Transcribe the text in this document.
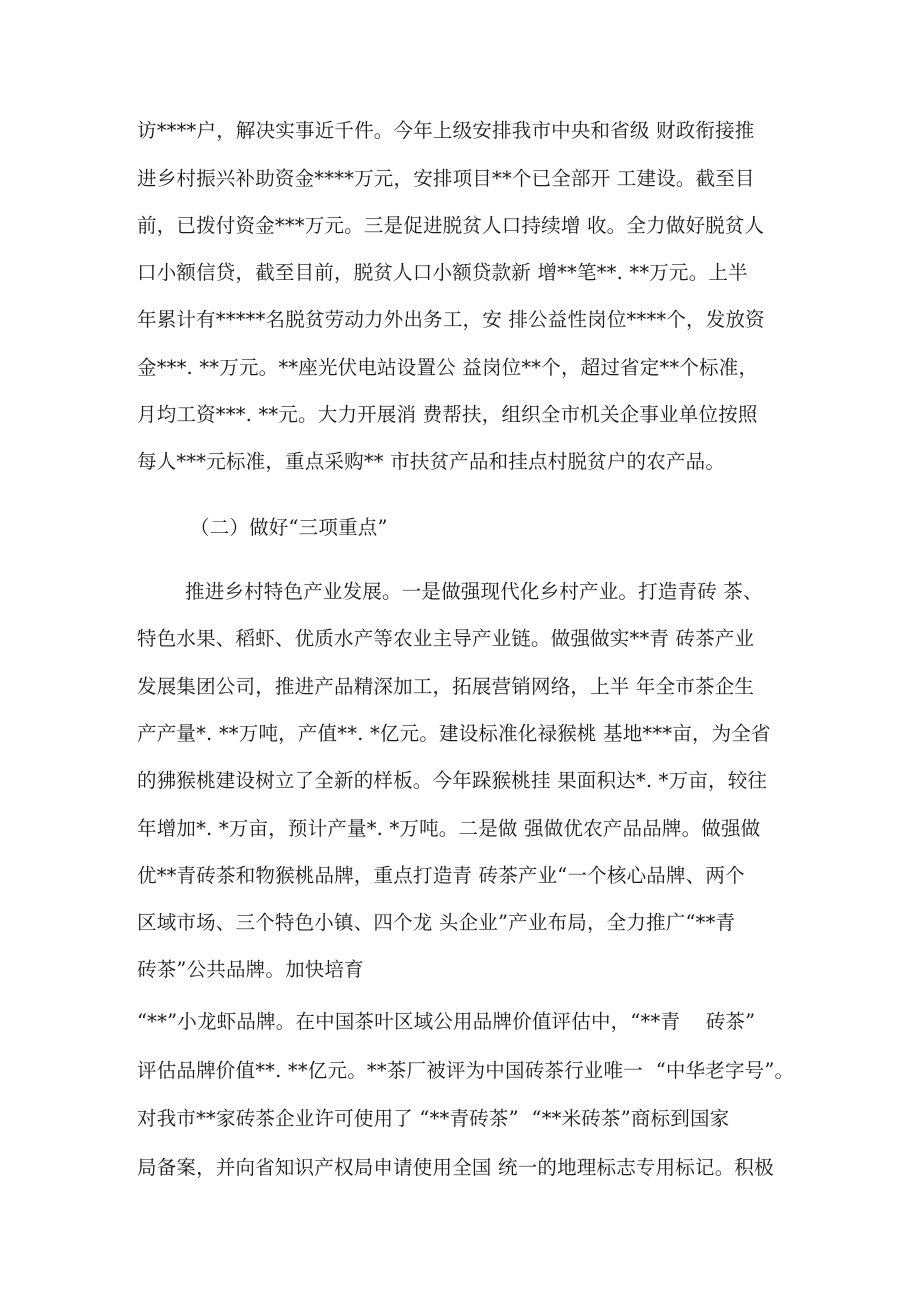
访****户，解决实事近千件。今年上级安排我市中央和省级 财政衔接推
进乡村振兴补助资金****万元，安排项目**个已全部开 工建设。截至目
前，已拨付资金***万元。三是促进脱贫人口持续增 收。全力做好脱贫人
口小额信贷，截至目前，脱贫人口小额贷款新 增**笔**. **万元。上半
年累计有*****名脱贫劳动力外出务工，安 排公益性岗位****个，发放资
金***. **万元。**座光伏电站设置公 益岗位**个，超过省定**个标准，
月均工资***. **元。大力开展消 费帮扶，组织全市机关企事业单位按照
每人***元标准，重点采购** 市扶贫产品和挂点村脱贫户的农产品。
（二）做好“三项重点”
推进乡村特色产业发展。一是做强现代化乡村产业。打造青砖 茶、
特色水果、稻虾、优质水产等农业主导产业链。做强做实**青 砖茶产业
发展集团公司，推进产品精深加工，拓展营销网络，上半 年全市茶企生
产产量*. **万吨，产值**. *亿元。建设标准化禄猴桃 基地***亩，为全省
的狒猴桃建设树立了全新的样板。今年跺猴桃挂 果面积达*. *万亩，较往
年增加*. *万亩，预计产量*. *万吨。二是做 强做优农产品品牌。做强做
优**青砖茶和物猴桃品牌，重点打造青 砖茶产业“一个核心品牌、两个
区域市场、三个特色小镇、四个龙 头企业”产业布局，全力推广“**青
砖茶”公共品牌。加快培育
“**”小龙虾品牌。在中国茶叶区域公用品牌价值评估中，“**青    砖茶”
评估品牌价值**. **亿元。**茶厂被评为中国砖茶行业唯一  “中华老字号”。
对我市**家砖茶企业许可使用了 “**青砖茶”  “**米砖茶”商标到国家
局备案，并向省知识产权局申请使用全国 统一的地理标志专用标记。积极
